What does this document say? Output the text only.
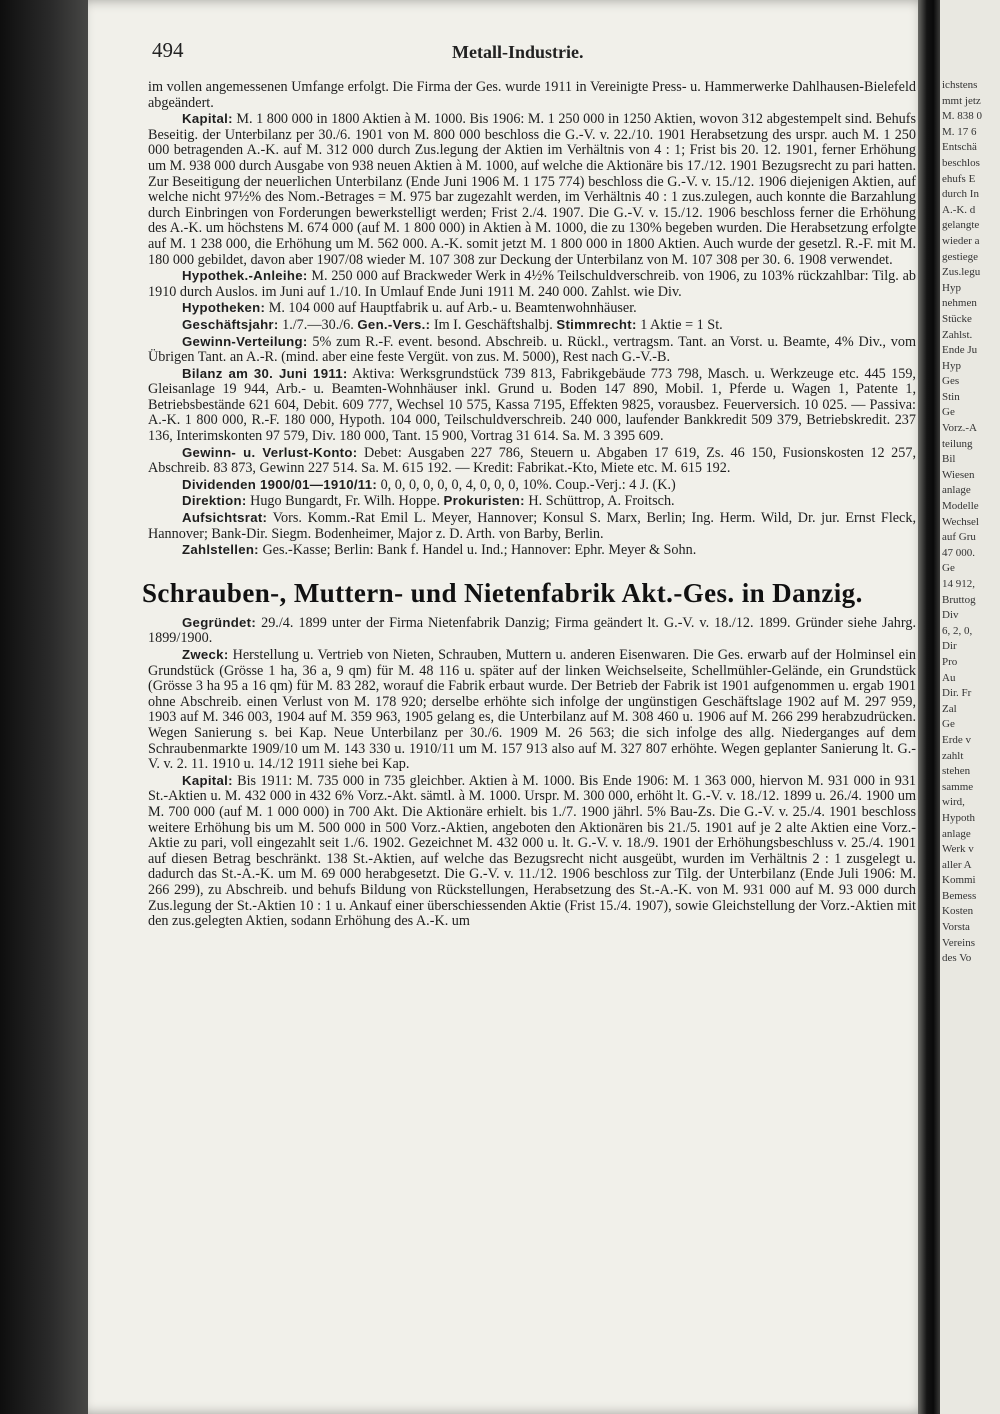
494	Metall-Industrie.

im vollen angemessenen Umfange erfolgt. Die Firma der Ges. wurde 1911 in Vereinigte Press- u. Hammerwerke Dahlhausen-Bielefeld abgeändert.

Kapital: M. 1 800 000 in 1800 Aktien à M. 1000. Bis 1906: M. 1 250 000 in 1250 Aktien, wovon 312 abgestempelt sind. Behufs Beseitig. der Unterbilanz per 30./6. 1901 von M. 800 000 beschloss die G.-V. v. 22./10. 1901 Herabsetzung des urspr. auch M. 1 250 000 betragenden A.-K. auf M. 312 000 durch Zus.legung der Aktien im Verhältnis von 4 : 1; Frist bis 20. 12. 1901, ferner Erhöhung um M. 938 000 durch Ausgabe von 938 neuen Aktien à M. 1000, auf welche die Aktionäre bis 17./12. 1901 Bezugsrecht zu pari hatten. Zur Beseitigung der neuerlichen Unterbilanz (Ende Juni 1906 M. 1 175 774) beschloss die G.-V. v. 15./12. 1906 diejenigen Aktien, auf welche nicht 97½% des Nom.-Betrages = M. 975 bar zugezahlt werden, im Verhältnis 40 : 1 zus.zulegen, auch konnte die Barzahlung durch Einbringen von Forderungen bewerkstelligt werden; Frist 2./4. 1907. Die G.-V. v. 15./12. 1906 beschloss ferner die Erhöhung des A.-K. um höchstens M. 674 000 (auf M. 1 800 000) in Aktien à M. 1000, die zu 130% begeben wurden. Die Herabsetzung erfolgte auf M. 1 238 000, die Erhöhung um M. 562 000. A.-K. somit jetzt M. 1 800 000 in 1800 Aktien. Auch wurde der gesetzl. R.-F. mit M. 180 000 gebildet, davon aber 1907/08 wieder M. 107 308 zur Deckung der Unterbilanz von M. 107 308 per 30. 6. 1908 verwendet.

Hypothek.-Anleihe: M. 250 000 auf Brackweder Werk in 4½% Teilschuldverschreib. von 1906, zu 103% rückzahlbar: Tilg. ab 1910 durch Auslos. im Juni auf 1./10. In Umlauf Ende Juni 1911 M. 240 000. Zahlst. wie Div.

Hypotheken: M. 104 000 auf Hauptfabrik u. auf Arb.- u. Beamtenwohnhäuser.

Geschäftsjahr: 1./7.—30./6. Gen.-Vers.: Im I. Geschäftshalbj. Stimmrecht: 1 Aktie = 1 St.

Gewinn-Verteilung: 5% zum R.-F. event. besond. Abschreib. u. Rückl., vertragsm. Tant. an Vorst. u. Beamte, 4% Div., vom Übrigen Tant. an A.-R. (mind. aber eine feste Vergüt. von zus. M. 5000), Rest nach G.-V.-B.

Bilanz am 30. Juni 1911: Aktiva: Werksgrundstück 739 813, Fabrikgebäude 773 798, Masch. u. Werkzeuge etc. 445 159, Gleisanlage 19 944, Arb.- u. Beamten-Wohnhäuser inkl. Grund u. Boden 147 890, Mobil. 1, Pferde u. Wagen 1, Patente 1, Betriebsbestände 621 604, Debit. 609 777, Wechsel 10 575, Kassa 7195, Effekten 9825, vorausbez. Feuerversich. 10 025. — Passiva: A.-K. 1 800 000, R.-F. 180 000, Hypoth. 104 000, Teilschuldverschreib. 240 000, laufender Bankkredit 509 379, Betriebskredit. 237 136, Interimskonten 97 579, Div. 180 000, Tant. 15 900, Vortrag 31 614. Sa. M. 3 395 609.

Gewinn- u. Verlust-Konto: Debet: Ausgaben 227 786, Steuern u. Abgaben 17 619, Zs. 46 150, Fusionskosten 12 257, Abschreib. 83 873, Gewinn 227 514. Sa. M. 615 192. — Kredit: Fabrikat.-Kto, Miete etc. M. 615 192.

Dividenden 1900/01—1910/11: 0, 0, 0, 0, 0, 0, 4, 0, 0, 0, 10%. Coup.-Verj.: 4 J. (K.)

Direktion: Hugo Bungardt, Fr. Wilh. Hoppe. Prokuristen: H. Schüttrop, A. Froitsch.

Aufsichtsrat: Vors. Komm.-Rat Emil L. Meyer, Hannover; Konsul S. Marx, Berlin; Ing. Herm. Wild, Dr. jur. Ernst Fleck, Hannover; Bank-Dir. Siegm. Bodenheimer, Major z. D. Arth. von Barby, Berlin.

Zahlstellen: Ges.-Kasse; Berlin: Bank f. Handel u. Ind.; Hannover: Ephr. Meyer & Sohn.

Schrauben-, Muttern- und Nietenfabrik Akt.-Ges. in Danzig.

Gegründet: 29./4. 1899 unter der Firma Nietenfabrik Danzig; Firma geändert lt. G.-V. v. 18./12. 1899. Gründer siehe Jahrg. 1899/1900.

Zweck: Herstellung u. Vertrieb von Nieten, Schrauben, Muttern u. anderen Eisenwaren. Die Ges. erwarb auf der Holminsel ein Grundstück (Grösse 1 ha, 36 a, 9 qm) für M. 48 116 u. später auf der linken Weichselseite, Schellmühler-Gelände, ein Grundstück (Grösse 3 ha 95 a 16 qm) für M. 83 282, worauf die Fabrik erbaut wurde. Der Betrieb der Fabrik ist 1901 aufgenommen u. ergab 1901 ohne Abschreib. einen Verlust von M. 178 920; derselbe erhöhte sich infolge der ungünstigen Geschäftslage 1902 auf M. 297 959, 1903 auf M. 346 003, 1904 auf M. 359 963, 1905 gelang es, die Unterbilanz auf M. 308 460 u. 1906 auf M. 266 299 herabzudrücken. Wegen Sanierung s. bei Kap. Neue Unterbilanz per 30./6. 1909 M. 26 563; die sich infolge des allg. Niederganges auf dem Schraubenmarkte 1909/10 um M. 143 330 u. 1910/11 um M. 157 913 also auf M. 327 807 erhöhte. Wegen geplanter Sanierung lt. G.-V. v. 2. 11. 1910 u. 14./12 1911 siehe bei Kap.

Kapital: Bis 1911: M. 735 000 in 735 gleichber. Aktien à M. 1000. Bis Ende 1906: M. 1 363 000, hiervon M. 931 000 in 931 St.-Aktien u. M. 432 000 in 432 6% Vorz.-Akt. sämtl. à M. 1000. Urspr. M. 300 000, erhöht lt. G.-V. v. 18./12. 1899 u. 26./4. 1900 um M. 700 000 (auf M. 1 000 000) in 700 Akt. Die Aktionäre erhielt. bis 1./7. 1900 jährl. 5% Bau-Zs. Die G.-V. v. 25./4. 1901 beschloss weitere Erhöhung bis um M. 500 000 in 500 Vorz.-Aktien, angeboten den Aktionären bis 21./5. 1901 auf je 2 alte Aktien eine Vorz.-Aktie zu pari, voll eingezahlt seit 1./6. 1902. Gezeichnet M. 432 000 u. lt. G.-V. v. 18./9. 1901 der Erhöhungsbeschluss v. 25./4. 1901 auf diesen Betrag beschränkt. 138 St.-Aktien, auf welche das Bezugsrecht nicht ausgeübt, wurden im Verhältnis 2 : 1 zusgelegt u. dadurch das St.-A.-K. um M. 69 000 herabgesetzt. Die G.-V. v. 11./12. 1906 beschloss zur Tilg. der Unterbilanz (Ende Juli 1906: M. 266 299), zu Abschreib. und behufs Bildung von Rückstellungen, Herabsetzung des St.-A.-K. von M. 931 000 auf M. 93 000 durch Zus.legung der St.-Aktien 10 : 1 u. Ankauf einer überschiessenden Aktie (Frist 15./4. 1907), sowie Gleichstellung der Vorz.-Aktien mit den zus.gelegten Aktien, sodann Erhöhung des A.-K. um

ichstens
mmt jetz
M. 838 0
M. 17 6
Entschä
beschlos
ehufs E
durch In
A.-K. d
gelangte
wieder a
gestiege
Zus.legu
Hyp
nehmen
Stücke
Zahlst.
Ende Ju
Hyp
Ges
Stin
Ge
Vorz.-A
teilung
Bil
Wiesen
anlage
Modelle
Wechsel
auf Gru
47 000.
Ge
14 912,
Bruttog
Div
6, 2, 0,
Dir
Pro
Au
Dir. Fr
Zal
Ge
Erde v
zahlt
stehen
samme
wird,
Hypoth
anlage
Werk v
aller A
Kommi
Bemess
Kosten
Vorsta
Vereins
des Vo
